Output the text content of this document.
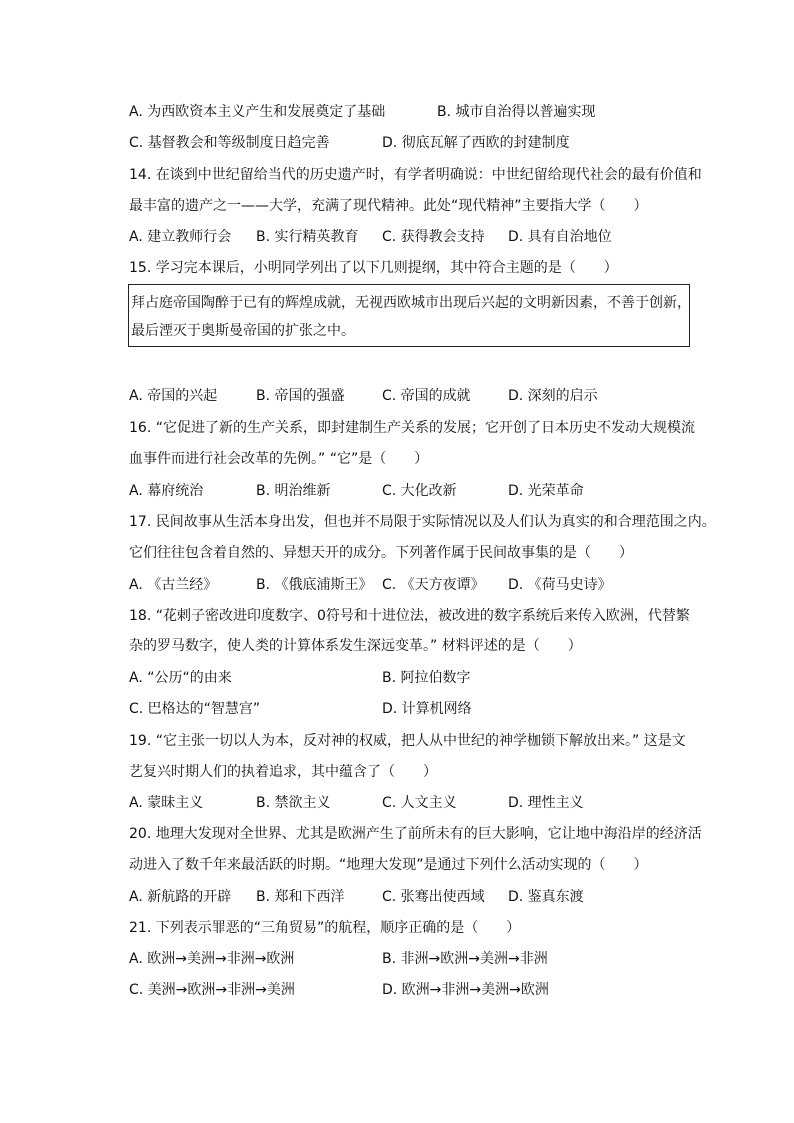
A. 为西欧资本主义产生和发展奠定了基础	B. 城市自治得以普遍实现
C. 基督教会和等级制度日趋完善	D. 彻底瓦解了西欧的封建制度
14. 在谈到中世纪留给当代的历史遗产时，有学者明确说：中世纪留给现代社会的最有价值和
最丰富的遗产之一——大学，充满了现代精神。此处“现代精神”主要指大学（　　）
A. 建立教师行会 B. 实行精英教育 C. 获得教会支持 D. 具有自治地位
15. 学习完本课后，小明同学列出了以下几则提纲，其中符合主题的是（　　）
拜占庭帝国陶醉于已有的辉煌成就，无视西欧城市出现后兴起的文明新因素，不善于创新，
最后湮灭于奥斯曼帝国的扩张之中。
A. 帝国的兴起	B. 帝国的强盛	C. 帝国的成就	D. 深刻的启示
16. “它促进了新的生产关系，即封建制生产关系的发展；它开创了日本历史不发动大规模流
血事件而进行社会改革的先例。” “它”是（　　）
A. 幕府统治	B. 明治维新	C. 大化改新	D. 光荣革命
17. 民间故事从生活本身出发，但也并不局限于实际情况以及人们认为真实的和合理范围之内。
它们往往包含着自然的、异想天开的成分。下列著作属于民间故事集的是（　　）
A. 《古兰经》	B. 《俄底浦斯王》 C. 《天方夜谭》 D. 《荷马史诗》
18. “花剌子密改进印度数字、0符号和十进位法，被改进的数字系统后来传入欧洲，代替繁
杂的罗马数字，使人类的计算体系发生深远变革。” 材料评述的是（　　）
A. “公历“的由来	B. 阿拉伯数字
C. 巴格达的“智慧宫”	D. 计算机网络
19. “它主张一切以人为本，反对神的权威，把人从中世纪的神学枷锁下解放出来。” 这是文
艺复兴时期人们的执着追求，其中蕴含了（　　）
A. 蒙昧主义	B. 禁欲主义	C. 人文主义	D. 理性主义
20. 地理大发现对全世界、尤其是欧洲产生了前所未有的巨大影响，它让地中海沿岸的经济活
动进入了数千年来最活跃的时期。“地理大发现”是通过下列什么活动实现的（　　）
A. 新航路的开辟 B. 郑和下西洋	C. 张骞出使西域 D. 鉴真东渡
21. 下列表示罪恶的“三角贸易”的航程，顺序正确的是（　　）
A. 欧洲→美洲→非洲→欧洲	B. 非洲→欧洲→美洲→非洲
C. 美洲→欧洲→非洲→美洲	D. 欧洲→非洲→美洲→欧洲
